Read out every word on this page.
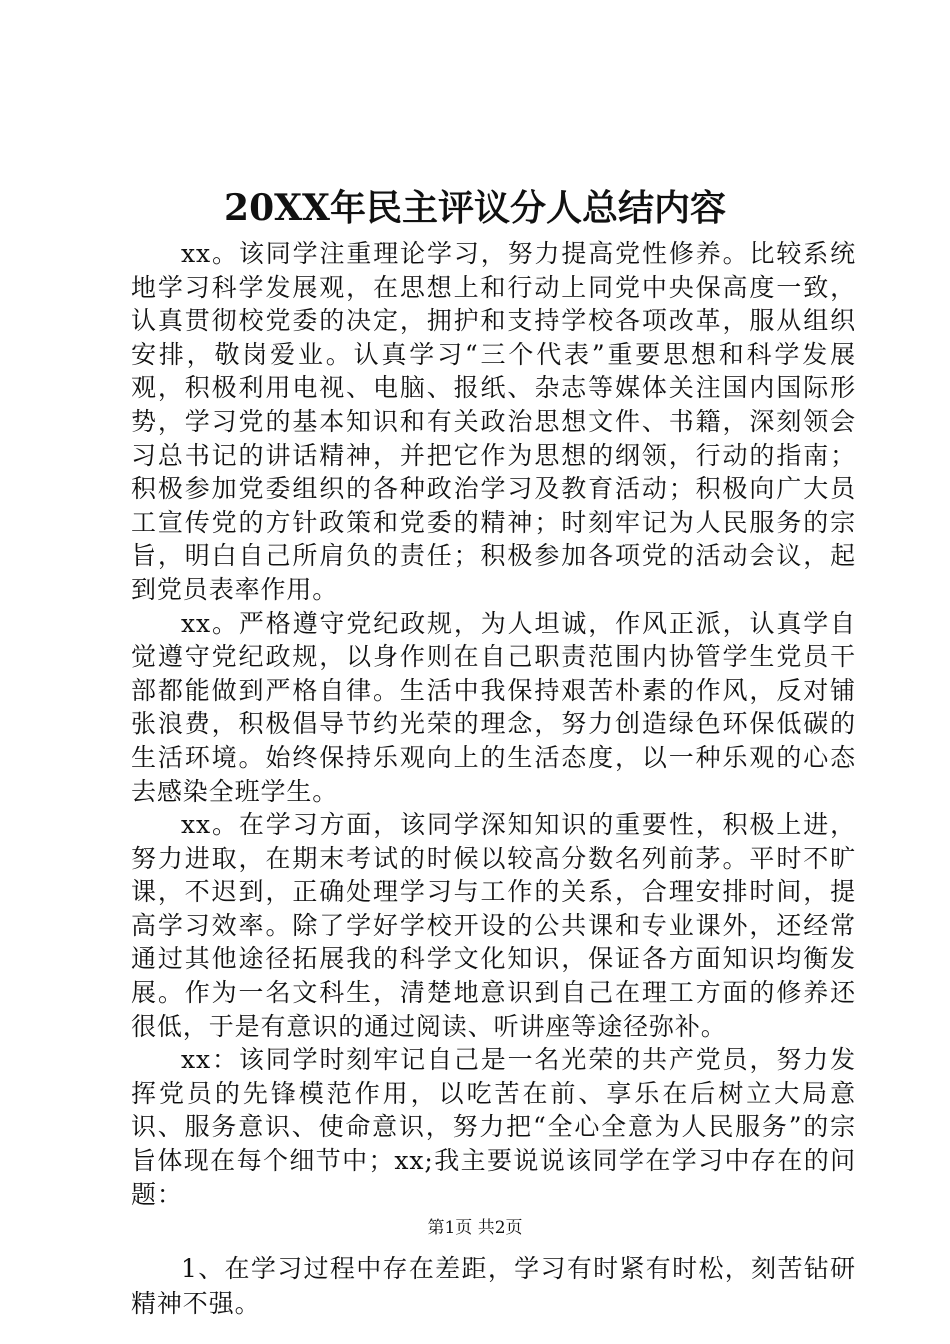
20XX年民主评议分人总结内容

xx。该同学注重理论学习，努力提高党性修养。比较系统地学习科学发展观，在思想上和行动上同党中央保高度一致，认真贯彻校党委的决定，拥护和支持学校各项改革，服从组织安排，敬岗爱业。认真学习“三个代表”重要思想和科学发展观，积极利用电视、电脑、报纸、杂志等媒体关注国内国际形势，学习党的基本知识和有关政治思想文件、书籍，深刻领会习总书记的讲话精神，并把它作为思想的纲领，行动的指南；积极参加党委组织的各种政治学习及教育活动；积极向广大员工宣传党的方针政策和党委的精神；时刻牢记为人民服务的宗旨，明白自己所肩负的责任；积极参加各项党的活动会议，起到党员表率作用。

xx。严格遵守党纪政规，为人坦诚，作风正派，认真学自觉遵守党纪政规，以身作则在自己职责范围内协管学生党员干部都能做到严格自律。生活中我保持艰苦朴素的作风，反对铺张浪费，积极倡导节约光荣的理念，努力创造绿色环保低碳的生活环境。始终保持乐观向上的生活态度，以一种乐观的心态去感染全班学生。

xx。在学习方面，该同学深知知识的重要性，积极上进，努力进取，在期末考试的时候以较高分数名列前茅。平时不旷课，不迟到，正确处理学习与工作的关系，合理安排时间，提高学习效率。除了学好学校开设的公共课和专业课外，还经常通过其他途径拓展我的科学文化知识，保证各方面知识均衡发展。作为一名文科生，清楚地意识到自己在理工方面的修养还很低，于是有意识的通过阅读、听讲座等途径弥补。

xx：该同学时刻牢记自己是一名光荣的共产党员，努力发挥党员的先锋模范作用，以吃苦在前、享乐在后树立大局意识、服务意识、使命意识，努力把“全心全意为人民服务”的宗旨体现在每个细节中；xx;我主要说说该同学在学习中存在的问题：

1、在学习过程中存在差距，学习有时紧有时松，刻苦钻研精神不强。

第1页 共2页
